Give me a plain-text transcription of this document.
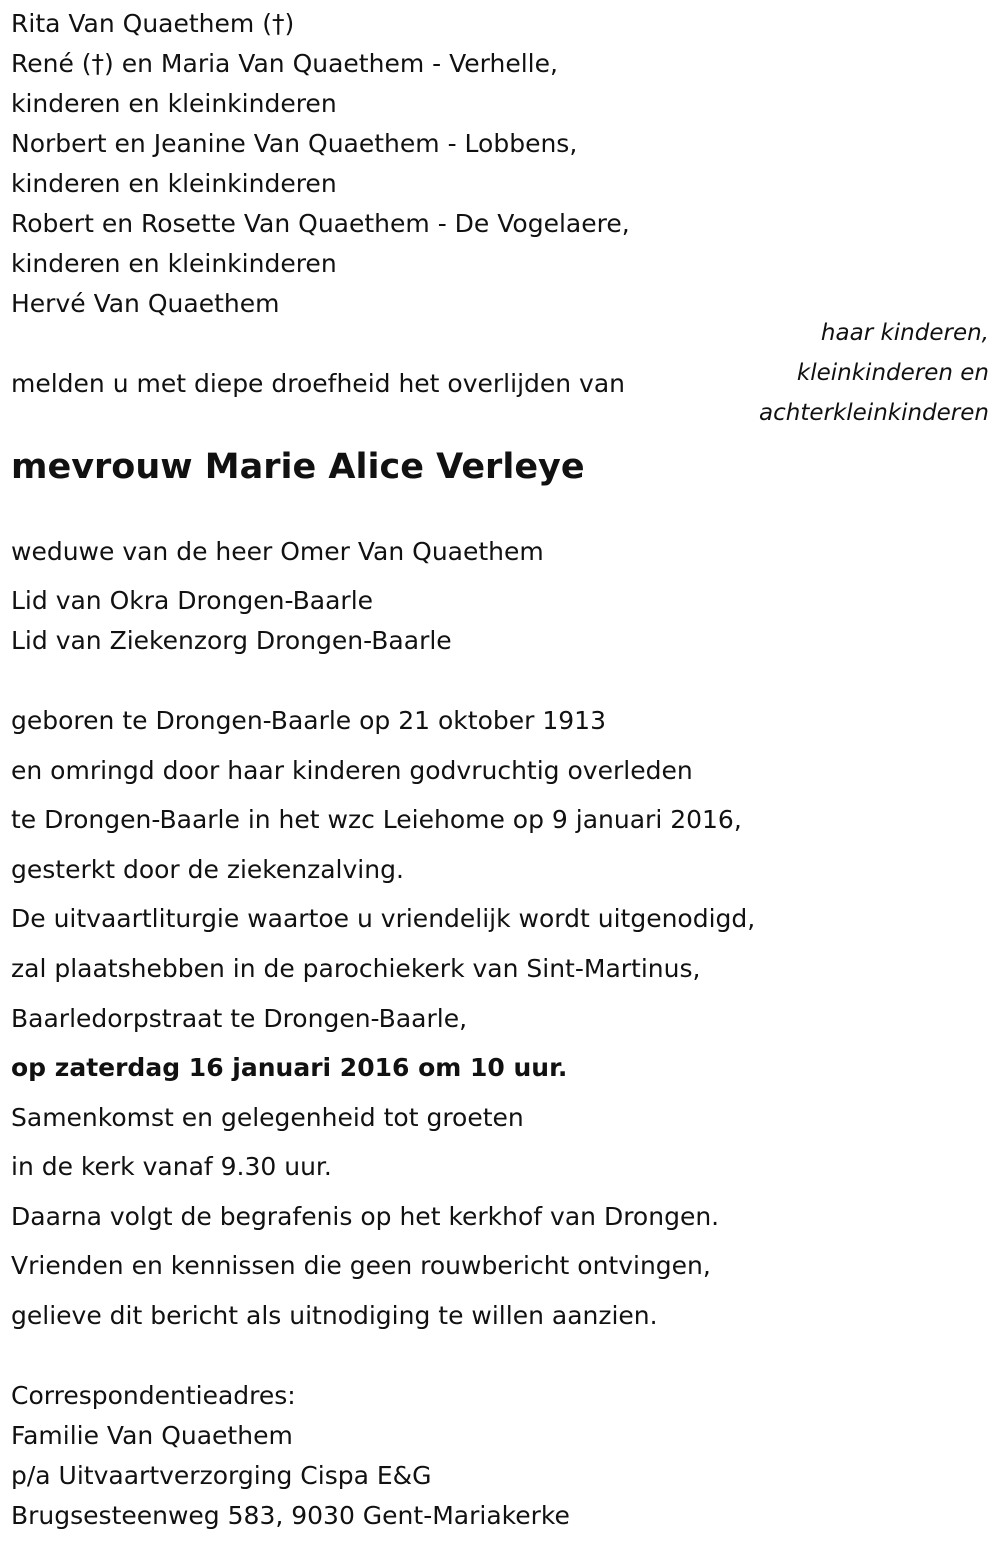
Rita Van Quaethem (†)

René (†) en Maria Van Quaethem - Verhelle,

kinderen en kleinkinderen

Norbert en Jeanine Van Quaethem - Lobbens,

kinderen en kleinkinderen

Robert en Rosette Van Quaethem - De Vogelaere,

kinderen en kleinkinderen

Hervé Van Quaethem

haar kinderen,
kleinkinderen en
achterkleinkinderen

melden u met diepe droefheid het overlijden van

mevrouw Marie Alice Verleye

weduwe van de heer Omer Van Quaethem

Lid van Okra Drongen-Baarle

Lid van Ziekenzorg Drongen-Baarle

geboren te Drongen-Baarle op 21 oktober 1913

en omringd door haar kinderen godvruchtig overleden

te Drongen-Baarle in het wzc Leiehome op 9 januari 2016,

gesterkt door de ziekenzalving.

De uitvaartliturgie waartoe u vriendelijk wordt uitgenodigd,

zal plaatshebben in de parochiekerk van Sint-Martinus,

Baarledorpstraat te Drongen-Baarle,

op zaterdag 16 januari 2016 om 10 uur.

Samenkomst en gelegenheid tot groeten

in de kerk vanaf 9.30 uur.

Daarna volgt de begrafenis op het kerkhof van Drongen.

Vrienden en kennissen die geen rouwbericht ontvingen,

gelieve dit bericht als uitnodiging te willen aanzien.

Correspondentieadres:

Familie Van Quaethem

p/a Uitvaartverzorging Cispa E&G

Brugsesteenweg 583, 9030 Gent-Mariakerke
